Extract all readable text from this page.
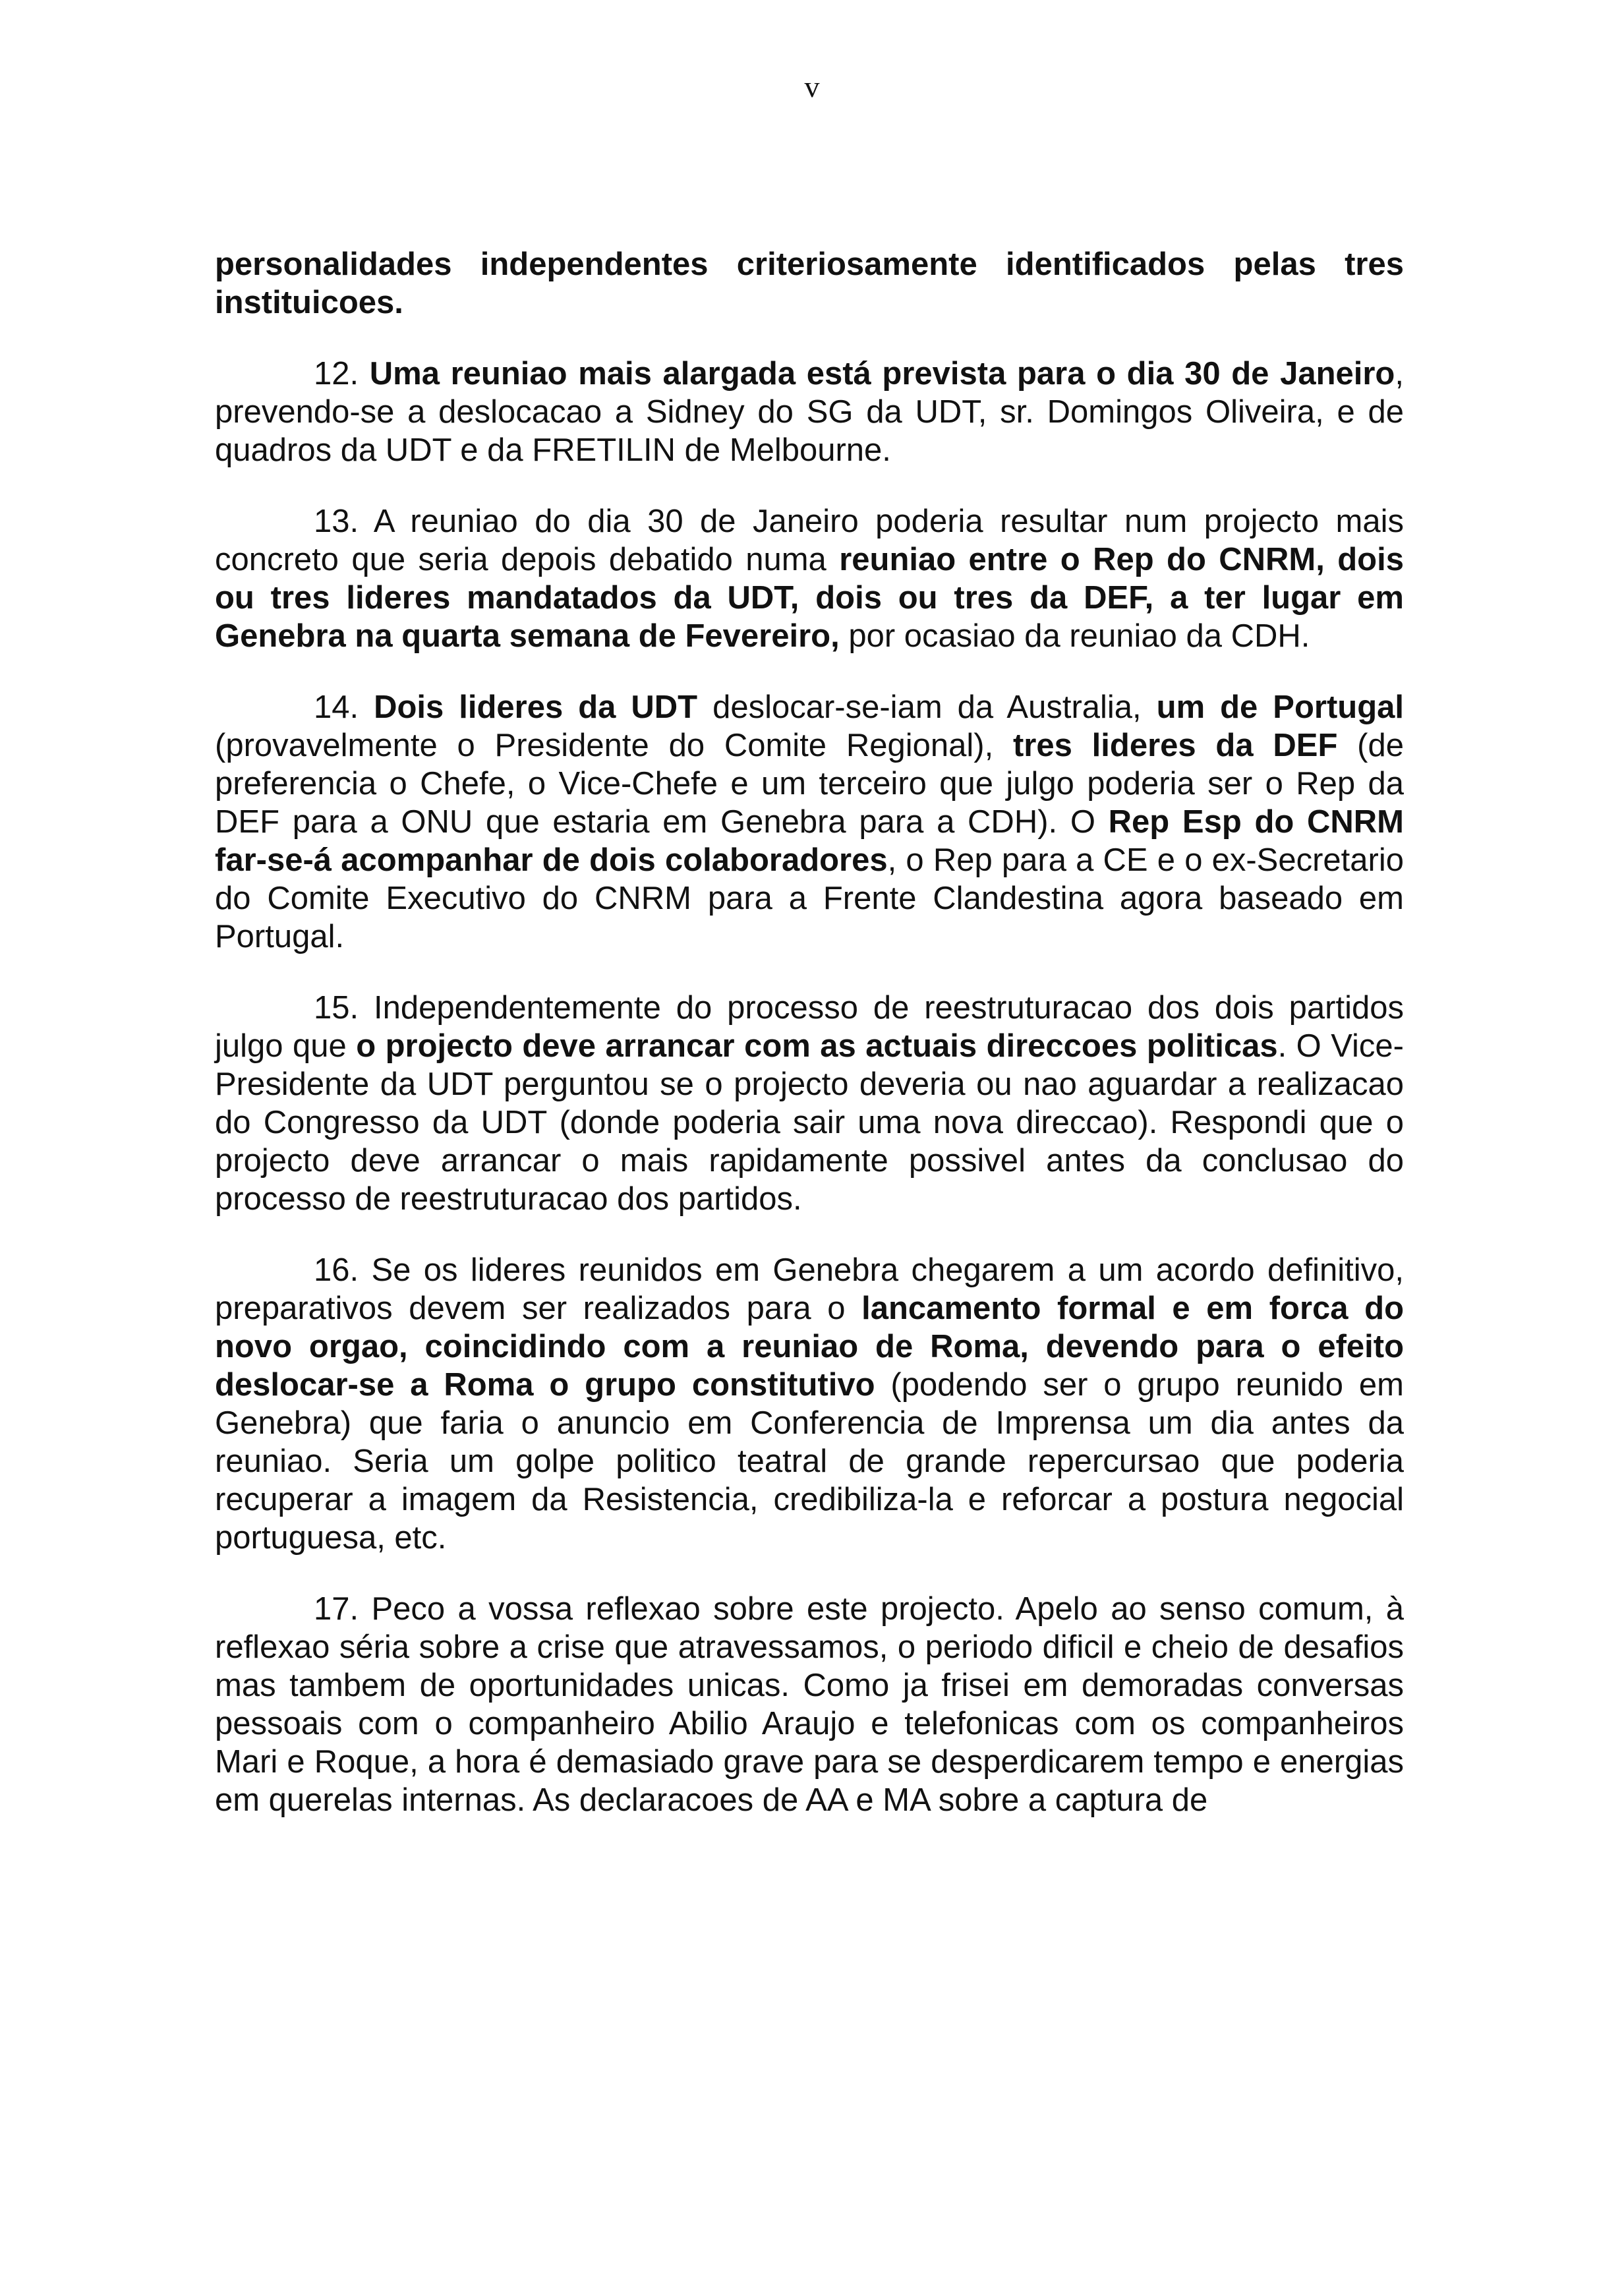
v

personalidades independentes criteriosamente identificados pelas tres instituicoes.

12. Uma reuniao mais alargada está prevista para o dia 30 de Janeiro, prevendo-se a deslocacao a Sidney do SG da UDT, sr. Domingos Oliveira, e de quadros da UDT e da FRETILIN de Melbourne.

13. A reuniao do dia 30 de Janeiro poderia resultar num projecto mais concreto que seria depois debatido numa reuniao entre o Rep do CNRM, dois ou tres lideres mandatados da UDT, dois ou tres da DEF, a ter lugar em Genebra na quarta semana de Fevereiro, por ocasiao da reuniao da CDH.

14. Dois lideres da UDT deslocar-se-iam da Australia, um de Portugal (provavelmente o Presidente do Comite Regional), tres lideres da DEF (de preferencia o Chefe, o Vice-Chefe e um terceiro que julgo poderia ser o Rep da DEF para a ONU que estaria em Genebra para a CDH). O Rep Esp do CNRM far-se-á acompanhar de dois colaboradores, o Rep para a CE e o ex-Secretario do Comite Executivo do CNRM para a Frente Clandestina agora baseado em Portugal.

15. Independentemente do processo de reestruturacao dos dois partidos julgo que o projecto deve arrancar com as actuais direccoes politicas. O Vice-Presidente da UDT perguntou se o projecto deveria ou nao aguardar a realizacao do Congresso da UDT (donde poderia sair uma nova direccao). Respondi que o projecto deve arrancar o mais rapidamente possivel antes da conclusao do processo de reestruturacao dos partidos.

16. Se os lideres reunidos em Genebra chegarem a um acordo definitivo, preparativos devem ser realizados para o lancamento formal e em forca do novo orgao, coincidindo com a reuniao de Roma, devendo para o efeito deslocar-se a Roma o grupo constitutivo (podendo ser o grupo reunido em Genebra) que faria o anuncio em Conferencia de Imprensa um dia antes da reuniao. Seria um golpe politico teatral de grande repercursao que poderia recuperar a imagem da Resistencia, credibiliza-la e reforcar a postura negocial portuguesa, etc.

17. Peco a vossa reflexao sobre este projecto. Apelo ao senso comum, à reflexao séria sobre a crise que atravessamos, o periodo dificil e cheio de desafios mas tambem de oportunidades unicas. Como ja frisei em demoradas conversas pessoais com o companheiro Abilio Araujo e telefonicas com os companheiros Mari e Roque, a hora é demasiado grave para se desperdicarem tempo e energias em querelas internas. As declaracoes de AA e MA sobre a captura de
